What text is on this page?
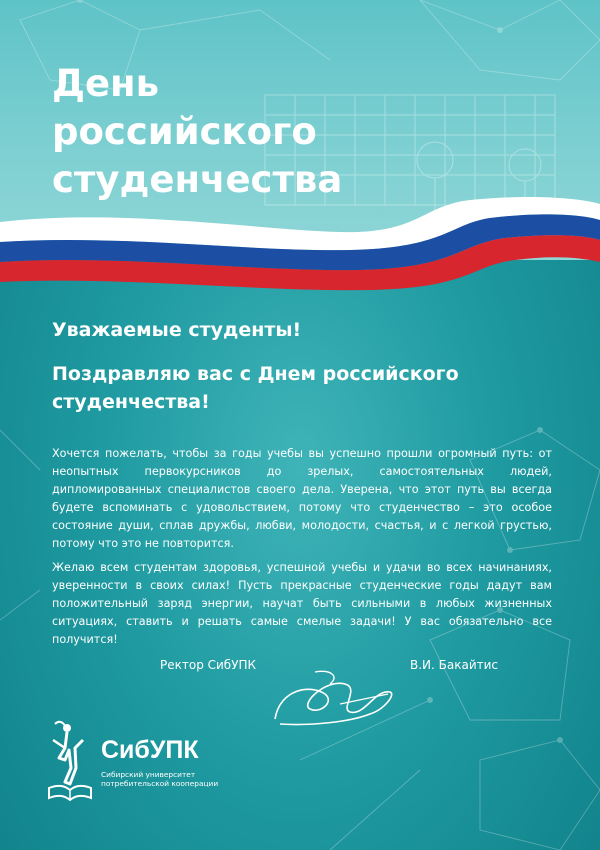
День
российского
студенчества
Уважаемые студенты!
Поздравляю вас с Днем российского
студенчества!

Хочется пожелать, чтобы за годы учебы вы успешно прошли огромный путь: от неопытных первокурсников до зрелых, самостоятельных людей, дипломированных специалистов своего дела. Уверена, что этот путь вы всегда будете вспоминать с удовольствием, потому что студенчество – это особое состояние души, сплав дружбы, любви, молодости, счастья, и с легкой грустью, потому что это не повторится.

Желаю всем студентам здоровья, успешной учебы и удачи во всех начинаниях, уверенности в своих силах! Пусть прекрасные студенческие годы дадут вам положительный заряд энергии, научат быть сильными в любых жизненных ситуациях, ставить и решать самые смелые задачи! У вас обязательно все получится!

Ректор СибУПК	В.И. Бакайтис
СибУПК
Сибирский университет
потребительской кооперации
